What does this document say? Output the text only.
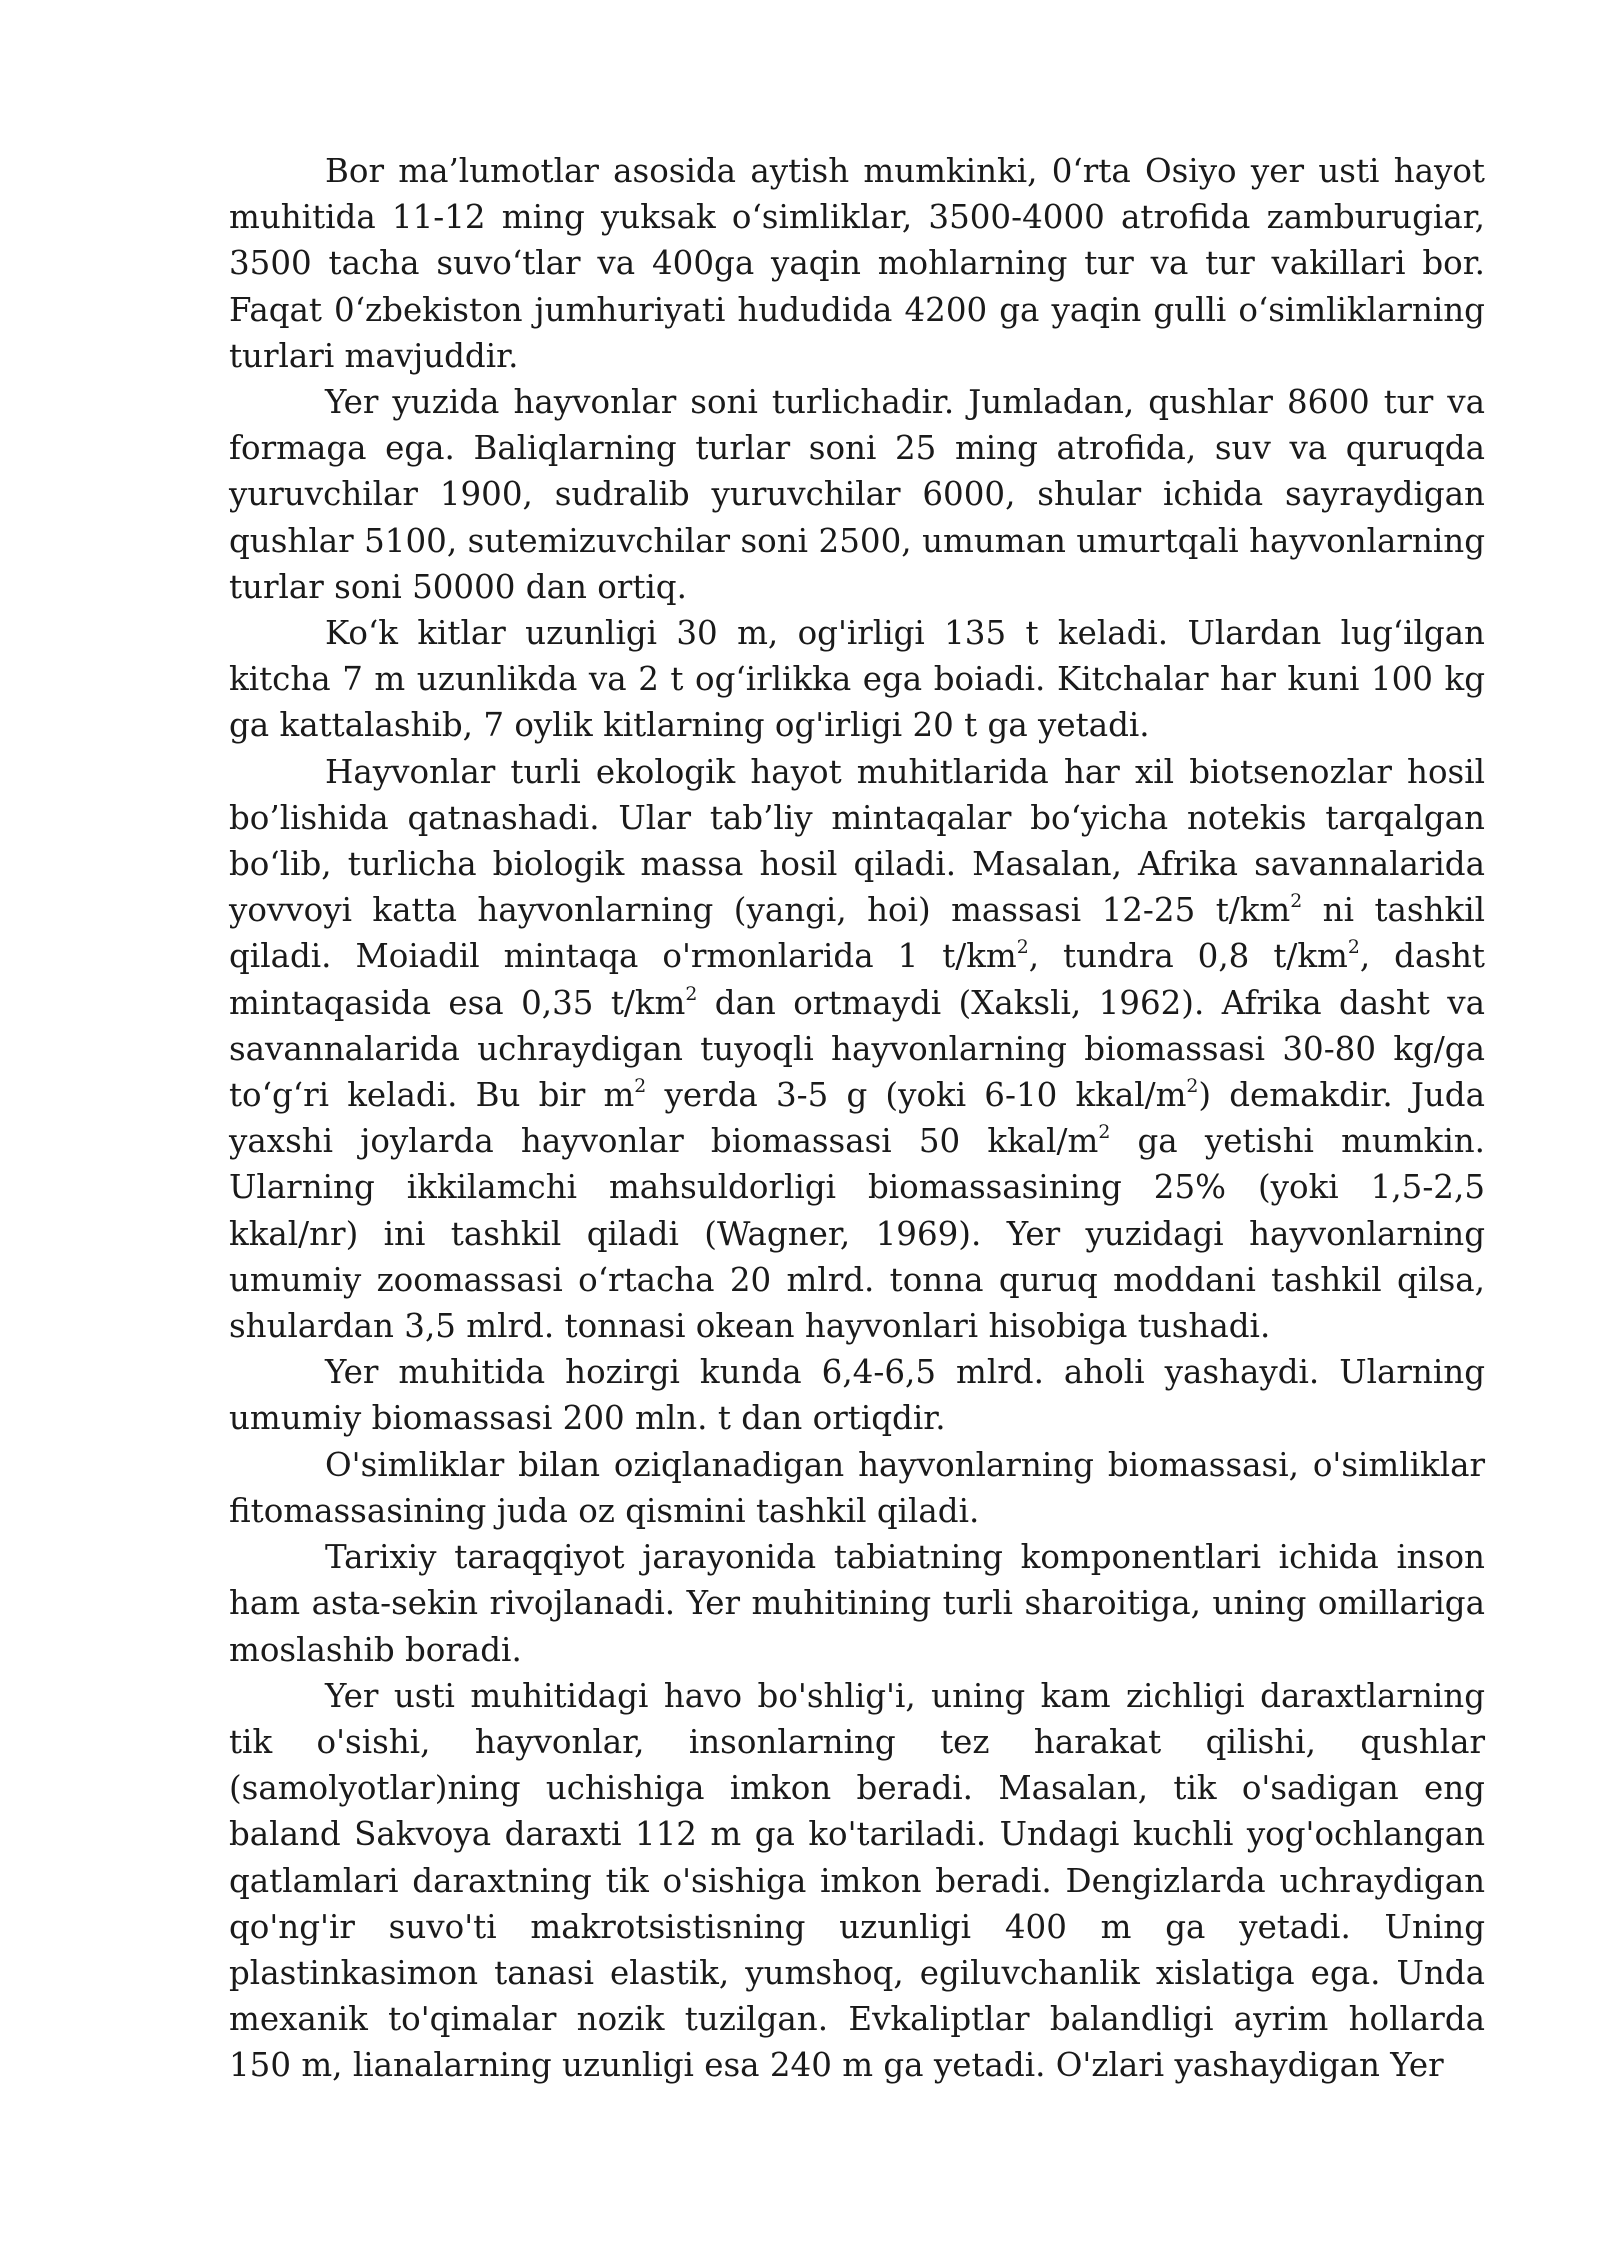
Bor ma’lumotlar asosida aytish mumkinki, 0‘rta Osiyo yer usti hayot muhitida 11-12 ming yuksak o‘simliklar, 3500-4000 atrofida zamburugiar, 3500 tacha suvo‘tlar va 400ga yaqin mohlarning tur va tur vakillari bor. Faqat 0‘zbekiston jumhuriyati hududida 4200 ga yaqin gulli o‘simliklarning turlari mavjuddir.

Yer yuzida hayvonlar soni turlichadir. Jumladan, qushlar 8600 tur va formaga ega. Baliqlarning turlar soni 25 ming atrofida, suv va quruqda yuruvchilar 1900, sudralib yuruvchilar 6000, shular ichida sayraydigan qushlar 5100, sutemizuvchilar soni 2500, umuman umurtqali hayvonlarning turlar soni 50000 dan ortiq.

Ko‘k kitlar uzunligi 30 m, og'irligi 135 t keladi. Ulardan lug‘ilgan kitcha 7 m uzunlikda va 2 t og‘irlikka ega boiadi. Kitchalar har kuni 100 kg ga kattalashib, 7 oylik kitlarning og'irligi 20 t ga yetadi.

Hayvonlar turli ekologik hayot muhitlarida har xil biotsenozlar hosil bo’lishida qatnashadi. Ular tab’liy mintaqalar bo‘yicha notekis tarqalgan bo‘lib, turlicha biologik massa hosil qiladi. Masalan, Afrika savannalarida yovvoyi katta hayvonlarning (yangi, hoi) massasi 12-25 $t/km^2$ ni tashkil qiladi. Moiadil mintaqa o'rmonlarida 1 $t/km^2$, tundra 0,8 $t/km^2$, dasht mintaqasida esa 0,35 $t/km^2$ dan ortmaydi (Xaksli, 1962). Afrika dasht va savannalarida uchraydigan tuyoqli hayvonlarning biomassasi 30-80 kg/ga to‘g‘ri keladi. Bu bir $m^2$ yerda 3-5 g (yoki 6-10 kkal/$m^2$) demakdir. Juda yaxshi joylarda hayvonlar biomassasi 50 kkal/$m^2$ ga yetishi mumkin. Ularning ikkilamchi mahsuldorligi biomassasining 25% (yoki 1,5-2,5 kkal/nr) ini tashkil qiladi (Wagner, 1969). Yer yuzidagi hayvonlarning umumiy zoomassasi o‘rtacha 20 mlrd. tonna quruq moddani tashkil qilsa, shulardan 3,5 mlrd. tonnasi okean hayvonlari hisobiga tushadi.

Yer muhitida hozirgi kunda 6,4-6,5 mlrd. aholi yashaydi. Ularning umumiy biomassasi 200 mln. t dan ortiqdir.

O'simliklar bilan oziqlanadigan hayvonlarning biomassasi, o'simliklar fitomassasining juda oz qismini tashkil qiladi.

Tarixiy taraqqiyot jarayonida tabiatning komponentlari ichida inson ham asta-sekin rivojlanadi. Yer muhitining turli sharoitiga, uning omillariga moslashib boradi.

Yer usti muhitidagi havo bo'shlig'i, uning kam zichligi daraxtlarning tik o'sishi, hayvonlar, insonlarning tez harakat qilishi, qushlar (samolyotlar)ning uchishiga imkon beradi. Masalan, tik o'sadigan eng baland Sakvoya daraxti 112 m ga ko'tariladi. Undagi kuchli yog'ochlangan qatlamlari daraxtning tik o'sishiga imkon beradi. Dengizlarda uchraydigan qo'ng'ir suvo'ti makrotsistisning uzunligi 400 m ga yetadi. Uning plastinkasimon tanasi elastik, yumshoq, egiluvchanlik xislatiga ega. Unda mexanik to'qimalar nozik tuzilgan. Evkaliptlar balandligi ayrim hollarda 150 m, lianalarning uzunligi esa 240 m ga yetadi. O'zlari yashaydigan Yer
